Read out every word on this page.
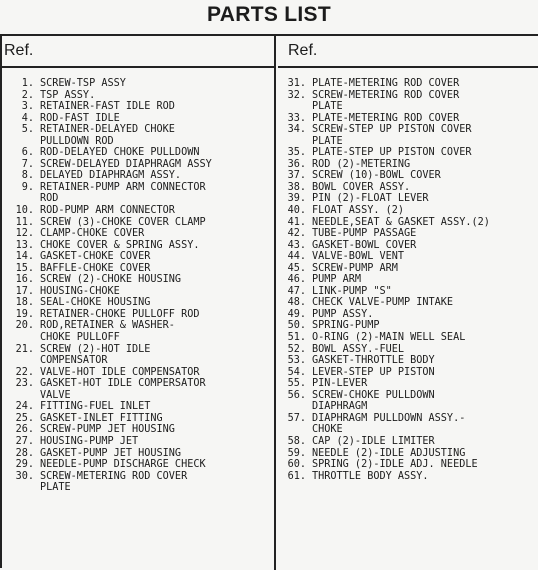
PARTS LIST
Ref.
1. SCREW-TSP ASSY
2. TSP ASSY.
3. RETAINER-FAST IDLE ROD
4. ROD-FAST IDLE
5. RETAINER-DELAYED CHOKE
PULLDOWN ROD
6. ROD-DELAYED CHOKE PULLDOWN
7. SCREW-DELAYED DIAPHRAGM ASSY
8. DELAYED DIAPHRAGM ASSY.
9. RETAINER-PUMP ARM CONNECTOR
ROD
10. ROD-PUMP ARM CONNECTOR
11. SCREW (3)-CHOKE COVER CLAMP
12. CLAMP-CHOKE COVER
13. CHOKE COVER & SPRING ASSY.
14. GASKET-CHOKE COVER
15. BAFFLE-CHOKE COVER
16. SCREW (2)-CHOKE HOUSING
17. HOUSING-CHOKE
18. SEAL-CHOKE HOUSING
19. RETAINER-CHOKE PULLOFF ROD
20. ROD,RETAINER & WASHER-
CHOKE PULLOFF
21. SCREW (2)-HOT IDLE
COMPENSATOR
22. VALVE-HOT IDLE COMPENSATOR
23. GASKET-HOT IDLE COMPERSATOR
VALVE
24. FITTING-FUEL INLET
25. GASKET-INLET FITTING
26. SCREW-PUMP JET HOUSING
27. HOUSING-PUMP JET
28. GASKET-PUMP JET HOUSING
29. NEEDLE-PUMP DISCHARGE CHECK
30. SCREW-METERING ROD COVER
PLATE
Ref.
31. PLATE-METERING ROD COVER
32. SCREW-METERING ROD COVER
PLATE
33. PLATE-METERING ROD COVER
34. SCREW-STEP UP PISTON COVER
PLATE
35. PLATE-STEP UP PISTON COVER
36. ROD (2)-METERING
37. SCREW (10)-BOWL COVER
38. BOWL COVER ASSY.
39. PIN (2)-FLOAT LEVER
40. FLOAT ASSY. (2)
41. NEEDLE,SEAT & GASKET ASSY.(2)
42. TUBE-PUMP PASSAGE
43. GASKET-BOWL COVER
44. VALVE-BOWL VENT
45. SCREW-PUMP ARM
46. PUMP ARM
47. LINK-PUMP "S"
48. CHECK VALVE-PUMP INTAKE
49. PUMP ASSY.
50. SPRING-PUMP
51. O-RING (2)-MAIN WELL SEAL
52. BOWL ASSY.-FUEL
53. GASKET-THROTTLE BODY
54. LEVER-STEP UP PISTON
55. PIN-LEVER
56. SCREW-CHOKE PULLDOWN
DIAPHRAGM
57. DIAPHRAGM PULLDOWN ASSY.-
CHOKE
58. CAP (2)-IDLE LIMITER
59. NEEDLE (2)-IDLE ADJUSTING
60. SPRING (2)-IDLE ADJ. NEEDLE
61. THROTTLE BODY ASSY.
